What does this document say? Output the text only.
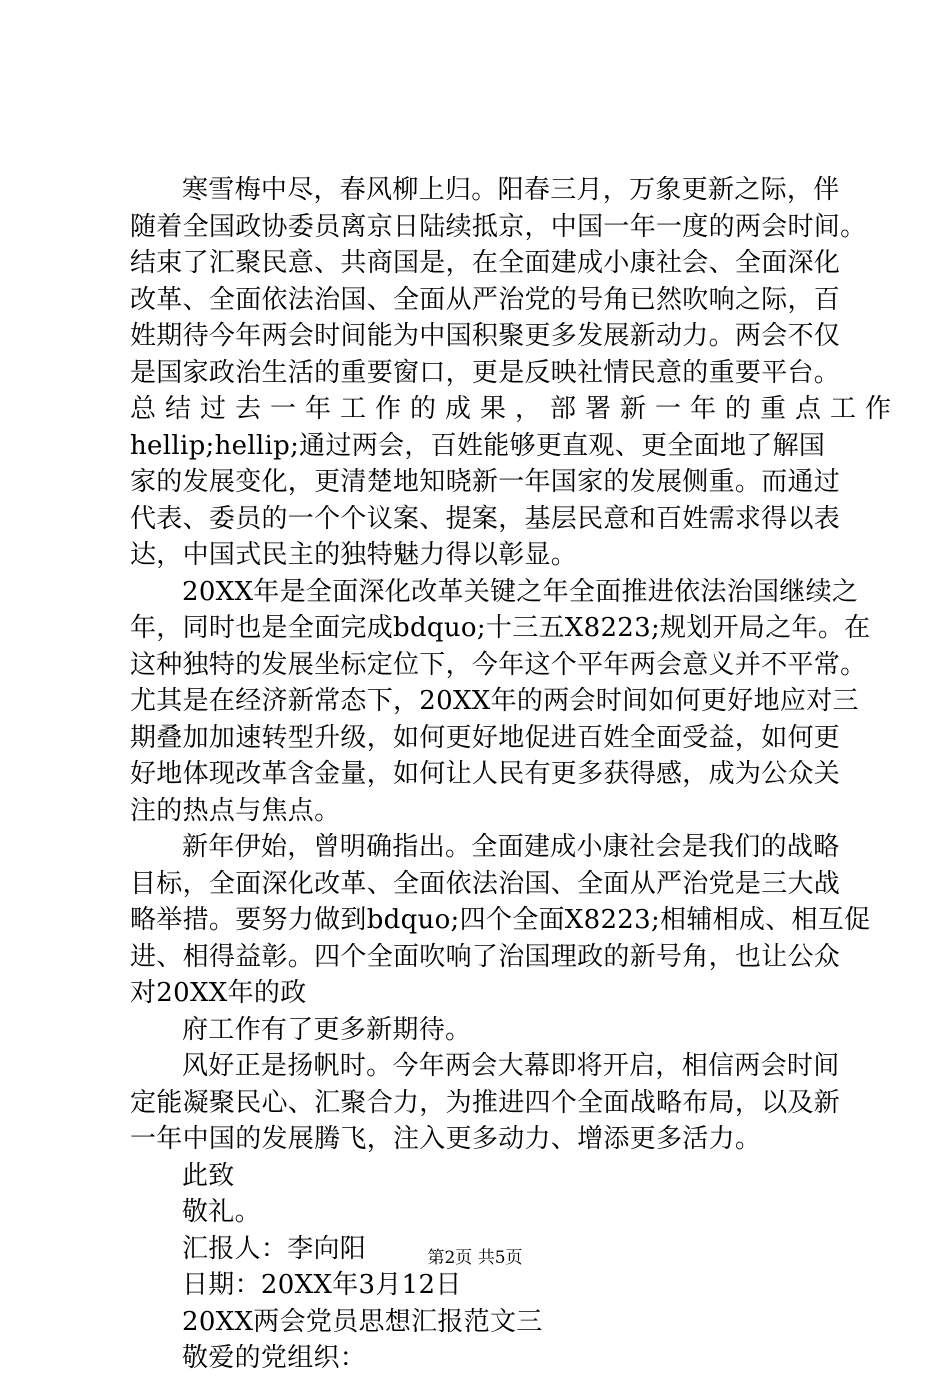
寒雪梅中尽，春风柳上归。阳春三月，万象更新之际，伴
随着全国政协委员离京日陆续抵京，中国一年一度的两会时间。
结束了汇聚民意、共商国是，在全面建成小康社会、全面深化
改革、全面依法治国、全面从严治党的号角已然吹响之际，百
姓期待今年两会时间能为中国积聚更多发展新动力。两会不仅
是国家政治生活的重要窗口，更是反映社情民意的重要平台。
总结过去一年工作的成果，部署新一年的重点工作
hellip;hellip;通过两会，百姓能够更直观、更全面地了解国
家的发展变化，更清楚地知晓新一年国家的发展侧重。而通过
代表、委员的一个个议案、提案，基层民意和百姓需求得以表
达，中国式民主的独特魅力得以彰显。
20XX年是全面深化改革关键之年全面推进依法治国继续之
年，同时也是全面完成bdquo;十三五X8223;规划开局之年。在
这种独特的发展坐标定位下，今年这个平年两会意义并不平常。
尤其是在经济新常态下，20XX年的两会时间如何更好地应对三
期叠加加速转型升级，如何更好地促进百姓全面受益，如何更
好地体现改革含金量，如何让人民有更多获得感，成为公众关
注的热点与焦点。
新年伊始，曾明确指出。全面建成小康社会是我们的战略
目标，全面深化改革、全面依法治国、全面从严治党是三大战
略举措。要努力做到bdquo;四个全面X8223;相辅相成、相互促
进、相得益彰。四个全面吹响了治国理政的新号角，也让公众
对20XX年的政
府工作有了更多新期待。
风好正是扬帆时。今年两会大幕即将开启，相信两会时间
定能凝聚民心、汇聚合力，为推进四个全面战略布局，以及新
一年中国的发展腾飞，注入更多动力、增添更多活力。
此致
敬礼。
汇报人：李向阳
日期：20XX年3月12日
20XX两会党员思想汇报范文三
敬爱的党组织：
第2页 共5页
